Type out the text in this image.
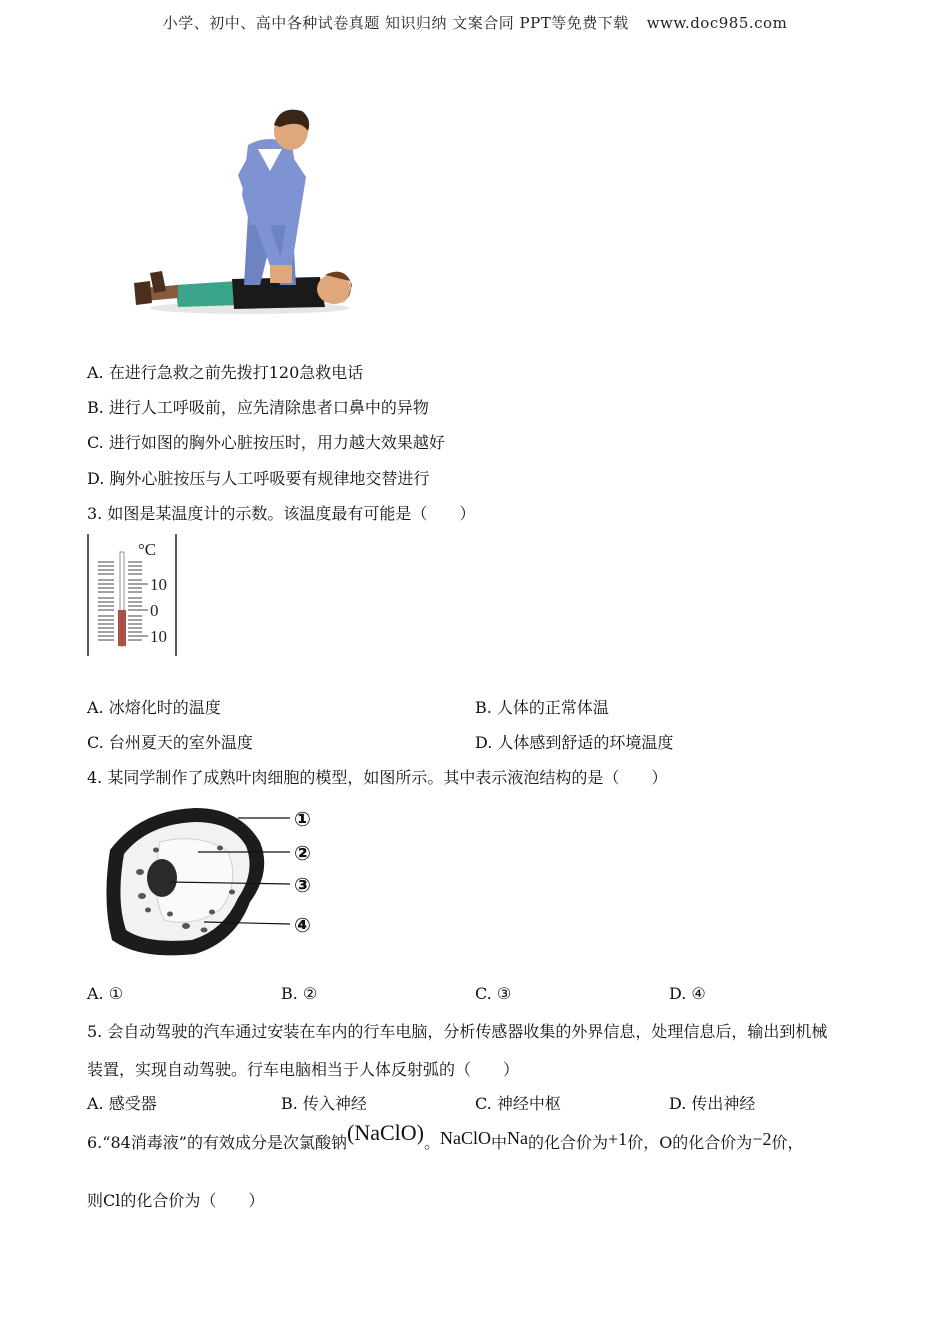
小学、初中、高中各种试卷真题 知识归纳 文案合同 PPT等免费下载 www.doc985.com
A. 在进行急救之前先拨打120急救电话
B. 进行人工呼吸前，应先清除患者口鼻中的异物
C. 进行如图的胸外心脏按压时，用力越大效果越好
D. 胸外心脏按压与人工呼吸要有规律地交替进行
3. 如图是某温度计的示数。该温度最有可能是（　　）
°C
10
0
10
A. 冰熔化时的温度	B. 人体的正常体温
C. 台州夏天的室外温度	D. 人体感到舒适的环境温度
4. 某同学制作了成熟叶肉细胞的模型，如图所示。其中表示液泡结构的是（　　）
①
②
③
④
A. ①	B. ②	C. ③	D. ④
5. 会自动驾驶的汽车通过安装在车内的行车电脑，分析传感器收集的外界信息，处理信息后，输出到机械
装置，实现自动驾驶。行车电脑相当于人体反射弧的（　　）
A. 感受器	B. 传入神经	C. 神经中枢	D. 传出神经
6.“84消毒液”的有效成分是次氯酸钠(NaClO)。NaClO中Na的化合价为+1价，O的化合价为−2价，
则Cl的化合价为（　　）
